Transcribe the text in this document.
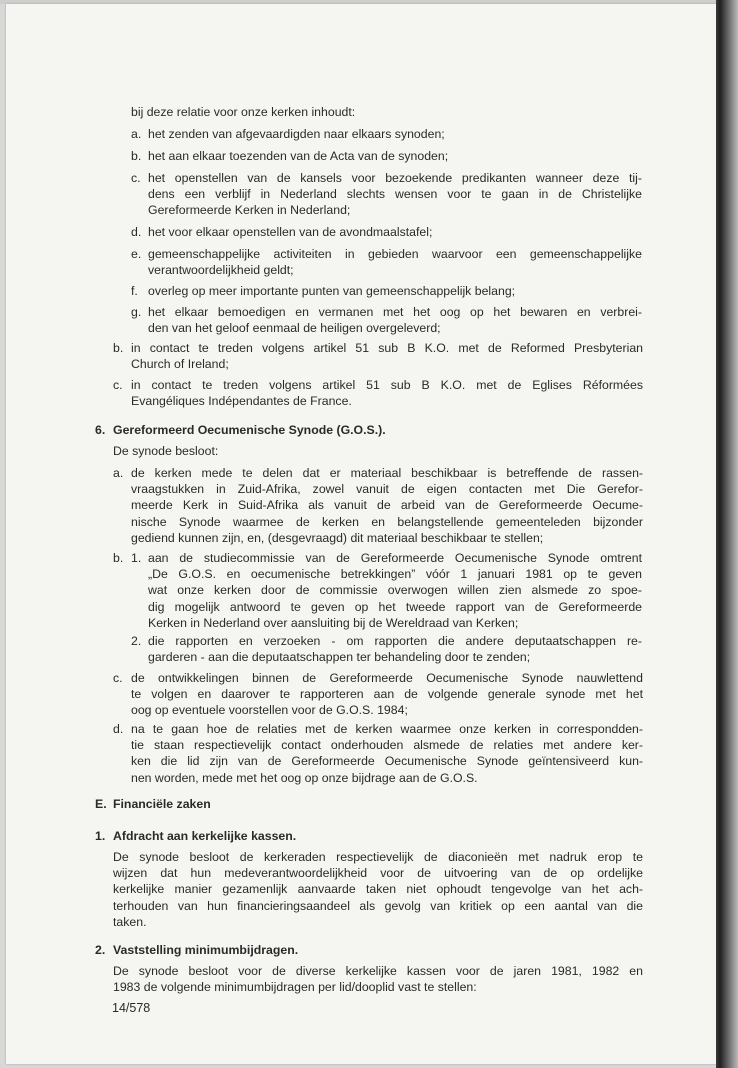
bij deze relatie voor onze kerken inhoudt:
a. het zenden van afgevaardigden naar elkaars synoden;
b. het aan elkaar toezenden van de Acta van de synoden;
c. het openstellen van de kansels voor bezoekende predikanten wanneer deze tij-
dens een verblijf in Nederland slechts wensen voor te gaan in de Christelijke
Gereformeerde Kerken in Nederland;
d. het voor elkaar openstellen van de avondmaalstafel;
e. gemeenschappelijke activiteiten in gebieden waarvoor een gemeenschappelijke
verantwoordelijkheid geldt;
f. overleg op meer importante punten van gemeenschappelijk belang;
g. het elkaar bemoedigen en vermanen met het oog op het bewaren en verbrei-
den van het geloof eenmaal de heiligen overgeleverd;
b. in contact te treden volgens artikel 51 sub B K.O. met de Reformed Presbyterian
Church of Ireland;
c. in contact te treden volgens artikel 51 sub B K.O. met de Eglises Réformées
Evangéliques Indépendantes de France.
6. Gereformeerd Oecumenische Synode (G.O.S.).
De synode besloot:
a. de kerken mede te delen dat er materiaal beschikbaar is betreffende de rassen-
vraagstukken in Zuid-Afrika, zowel vanuit de eigen contacten met Die Gerefor-
meerde Kerk in Suid-Afrika als vanuit de arbeid van de Gereformeerde Oecume-
nische Synode waarmee de kerken en belangstellende gemeenteleden bijzonder
gediend kunnen zijn, en, (desgevraagd) dit materiaal beschikbaar te stellen;
b. 1. aan de studiecommissie van de Gereformeerde Oecumenische Synode omtrent
„De G.O.S. en oecumenische betrekkingen” vóór 1 januari 1981 op te geven
wat onze kerken door de commissie overwogen willen zien alsmede zo spoe-
dig mogelijk antwoord te geven op het tweede rapport van de Gereformeerde
Kerken in Nederland over aansluiting bij de Wereldraad van Kerken;
2. die rapporten en verzoeken - om rapporten die andere deputaatschappen re-
garderen - aan die deputaatschappen ter behandeling door te zenden;
c. de ontwikkelingen binnen de Gereformeerde Oecumenische Synode nauwlettend
te volgen en daarover te rapporteren aan de volgende generale synode met het
oog op eventuele voorstellen voor de G.O.S. 1984;
d. na te gaan hoe de relaties met de kerken waarmee onze kerken in correspondden-
tie staan respectievelijk contact onderhouden alsmede de relaties met andere ker-
ken die lid zijn van de Gereformeerde Oecumenische Synode geïntensiveerd kun-
nen worden, mede met het oog op onze bijdrage aan de G.O.S.
E. Financiële zaken
1. Afdracht aan kerkelijke kassen.
De synode besloot de kerkeraden respectievelijk de diaconieën met nadruk erop te
wijzen dat hun medeverantwoordelijkheid voor de uitvoering van de op ordelijke
kerkelijke manier gezamenlijk aanvaarde taken niet ophoudt tengevolge van het ach-
terhouden van hun financieringsaandeel als gevolg van kritiek op een aantal van die
taken.
2. Vaststelling minimumbijdragen.
De synode besloot voor de diverse kerkelijke kassen voor de jaren 1981, 1982 en
1983 de volgende minimumbijdragen per lid/dooplid vast te stellen:
14/578
